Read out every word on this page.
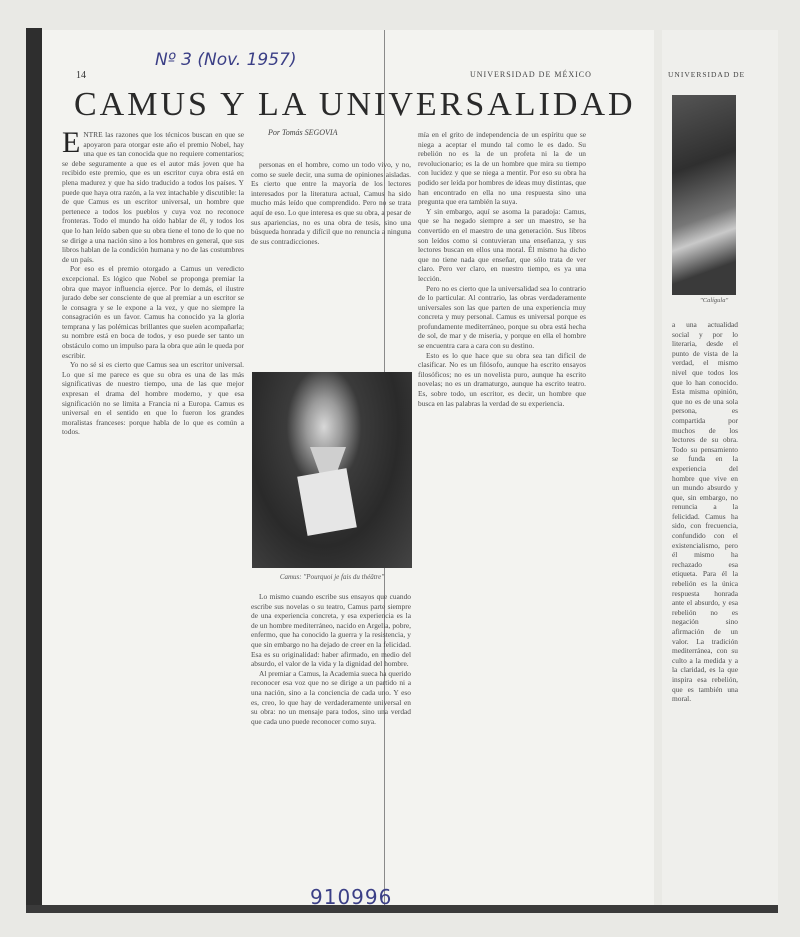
Nº 3 (Nov. 1957)
14	UNIVERSIDAD DE MÉXICO
CAMUS Y LA UNIVERSALIDAD
Por Tomás SEGOVIA
E NTRE las razones que los técnicos buscan en que se apoyaron para otorgar este año el premio Nobel, hay una que es tan conocida que no requiere comentarios; se debe seguramente a que es el autor más joven que ha recibido este premio, que es un escritor cuya obra está en plena madurez y que ha sido traducido a todos los países. Y puede que haya otra razón, a la vez intachable y discutible: la de que Camus es un escritor universal, un hombre que pertenece a todos los pueblos y cuya voz no reconoce fronteras. Todo el mundo ha oído hablar de él, y todos los que lo han leído saben que su obra tiene el tono de lo que no se dirige a una nación sino a los hombres en general, que sus libros hablan de la condición humana y no de las costumbres de un país.

Por eso es el premio otorgado a Camus un veredicto excepcional. Es lógico que Nobel se proponga premiar la obra que mayor influencia ejerce. Por lo demás, el ilustre jurado debe ser consciente de que al premiar a un escritor se le consagra y se le expone a la vez, y que no siempre la consagración es un favor. Camus ha conocido ya la gloria temprana y las polémicas brillantes que suelen acompañarla; su nombre está en boca de todos, y eso puede ser tanto un obstáculo como un impulso para la obra que aún le queda por escribir.

Yo no sé si es cierto que Camus sea un escritor universal. Lo que sí me parece es que su obra es una de las más significativas de nuestro tiempo, una de las que mejor expresan el drama del hombre moderno, y que esa significación no se limita a Francia ni a Europa. Camus es universal en el sentido en que lo fueron los grandes moralistas franceses: porque habla de lo que es común a todos.

personas en el hombre, como un todo vivo, y no, como se suele decir, una suma de opiniones aisladas. Es cierto que entre la mayoría de los lectores interesados por la literatura actual, Camus ha sido mucho más leído que comprendido. Pero no se trata aquí de eso. Lo que interesa es que su obra, a pesar de sus apariencias, no es una obra de tesis, sino una búsqueda honrada y difícil que no renuncia a ninguna de sus contradicciones.

Camus: "Pourquoi je fais du théâtre"

Lo mismo cuando escribe sus ensayos que cuando escribe sus novelas o su teatro, Camus parte siempre de una experiencia concreta, y esa experiencia es la de un hombre mediterráneo, nacido en Argelia, pobre, enfermo, que ha conocido la guerra y la resistencia, y que sin embargo no ha dejado de creer en la felicidad. Esa es su originalidad: haber afirmado, en medio del absurdo, el valor de la vida y la dignidad del hombre.

Al premiar a Camus, la Academia sueca ha querido reconocer esa voz que no se dirige a un partido ni a una nación, sino a la conciencia de cada uno. Y eso es, creo, lo que hay de verdaderamente universal en su obra: no un mensaje para todos, sino una verdad que cada uno puede reconocer como suya.

mía en el grito de independencia de un espíritu que se niega a aceptar el mundo tal como le es dado. Su rebelión no es la de un profeta ni la de un revolucionario; es la de un hombre que mira su tiempo con lucidez y que se niega a mentir. Por eso su obra ha podido ser leída por hombres de ideas muy distintas, que han encontrado en ella no una respuesta sino una pregunta que era también la suya.

Y sin embargo, aquí se asoma la paradoja: Camus, que se ha negado siempre a ser un maestro, se ha convertido en el maestro de una generación. Sus libros son leídos como si contuvieran una enseñanza, y sus lectores buscan en ellos una moral. Él mismo ha dicho que no tiene nada que enseñar, que sólo trata de ver claro. Pero ver claro, en nuestro tiempo, es ya una lección.

Pero no es cierto que la universalidad sea lo contrario de lo particular. Al contrario, las obras verdaderamente universales son las que parten de una experiencia muy concreta y muy personal. Camus es universal porque es profundamente mediterráneo, porque su obra está hecha de sol, de mar y de miseria, y porque en ella el hombre se encuentra cara a cara con su destino.

Esto es lo que hace que su obra sea tan difícil de clasificar. No es un filósofo, aunque ha escrito ensayos filosóficos; no es un novelista puro, aunque ha escrito novelas; no es un dramaturgo, aunque ha escrito teatro. Es, sobre todo, un escritor, es decir, un hombre que busca en las palabras la verdad de su experiencia.

UNIVERSIDAD DE
"Calígula"

a una actualidad social y por lo literaria, desde el punto de vista de la verdad, el mismo nivel que todos los que lo han conocido. Esta misma opinión, que no es de una sola persona, es compartida por muchos de los lectores de su obra. Todo su pensamiento se funda en la experiencia del hombre que vive en un mundo absurdo y que, sin embargo, no renuncia a la felicidad. Camus ha sido, con frecuencia, confundido con el existencialismo, pero él mismo ha rechazado esa etiqueta. Para él la rebelión es la única respuesta honrada ante el absurdo, y esa rebelión no es negación sino afirmación de un valor. La tradición mediterránea, con su culto a la medida y a la claridad, es la que inspira esa rebelión, que es también una moral.

910996
